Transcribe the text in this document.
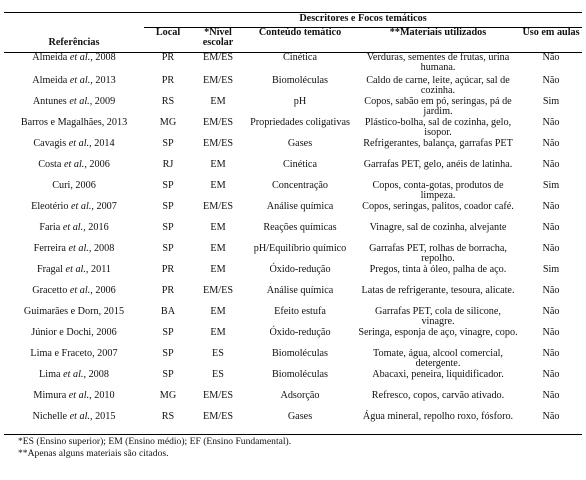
Referências	Descritores e Focos temáticos				
	Local	*Nível escolar	Conteúdo temático	**Materiais utilizados	Uso em aulas
Almeida et al., 2008	PR	EM/ES	Cinética	Verduras, sementes de frutas, urina humana.	Não
Almeida et al., 2013	PR	EM/ES	Biomoléculas	Caldo de carne, leite, açúcar, sal de cozinha.	Não
Antunes et al., 2009	RS	EM	pH	Copos, sabão em pó, seringas, pá de jardim.	Sim
Barros e Magalhães, 2013	MG	EM/ES	Propriedades coligativas	Plástico-bolha, sal de cozinha, gelo, isopor.	Não
Cavagis et al., 2014	SP	EM/ES	Gases	Refrigerantes, balança, garrafas PET	Não
Costa et al., 2006	RJ	EM	Cinética	Garrafas PET, gelo, anéis de latinha.	Não
Curi, 2006	SP	EM	Concentração	Copos, conta-gotas, produtos de limpeza.	Sim
Eleotério et al., 2007	SP	EM/ES	Análise química	Copos, seringas, palitos, coador café.	Não
Faria et al., 2016	SP	EM	Reações químicas	Vinagre, sal de cozinha, alvejante	Não
Ferreira et al., 2008	SP	EM	pH/Equilíbrio químico	Garrafas PET, rolhas de borracha, repolho.	Não
Fragal et al., 2011	PR	EM	Óxido-redução	Pregos, tinta à óleo, palha de aço.	Sim
Gracetto et al., 2006	PR	EM/ES	Análise química	Latas de refrigerante, tesoura, alicate.	Não
Guimarães e Dorn, 2015	BA	EM	Efeito estufa	Garrafas PET, cola de silicone, vinagre.	Não
Júnior e Dochi, 2006	SP	EM	Óxido-redução	Seringa, esponja de aço, vinagre, copo.	Não
Lima e Fraceto, 2007	SP	ES	Biomoléculas	Tomate, água, alcool comercial, detergente.	Não
Lima et al., 2008	SP	ES	Biomoléculas	Abacaxi, peneira, liquidificador.	Não
Mimura et al., 2010	MG	EM/ES	Adsorção	Refresco, copos, carvão ativado.	Não
Nichelle et al., 2015	RS	EM/ES	Gases	Água mineral, repolho roxo, fósforo.	Não
*ES (Ensino superior); EM (Ensino médio); EF (Ensino Fundamental).
**Apenas alguns materiais são citados.
